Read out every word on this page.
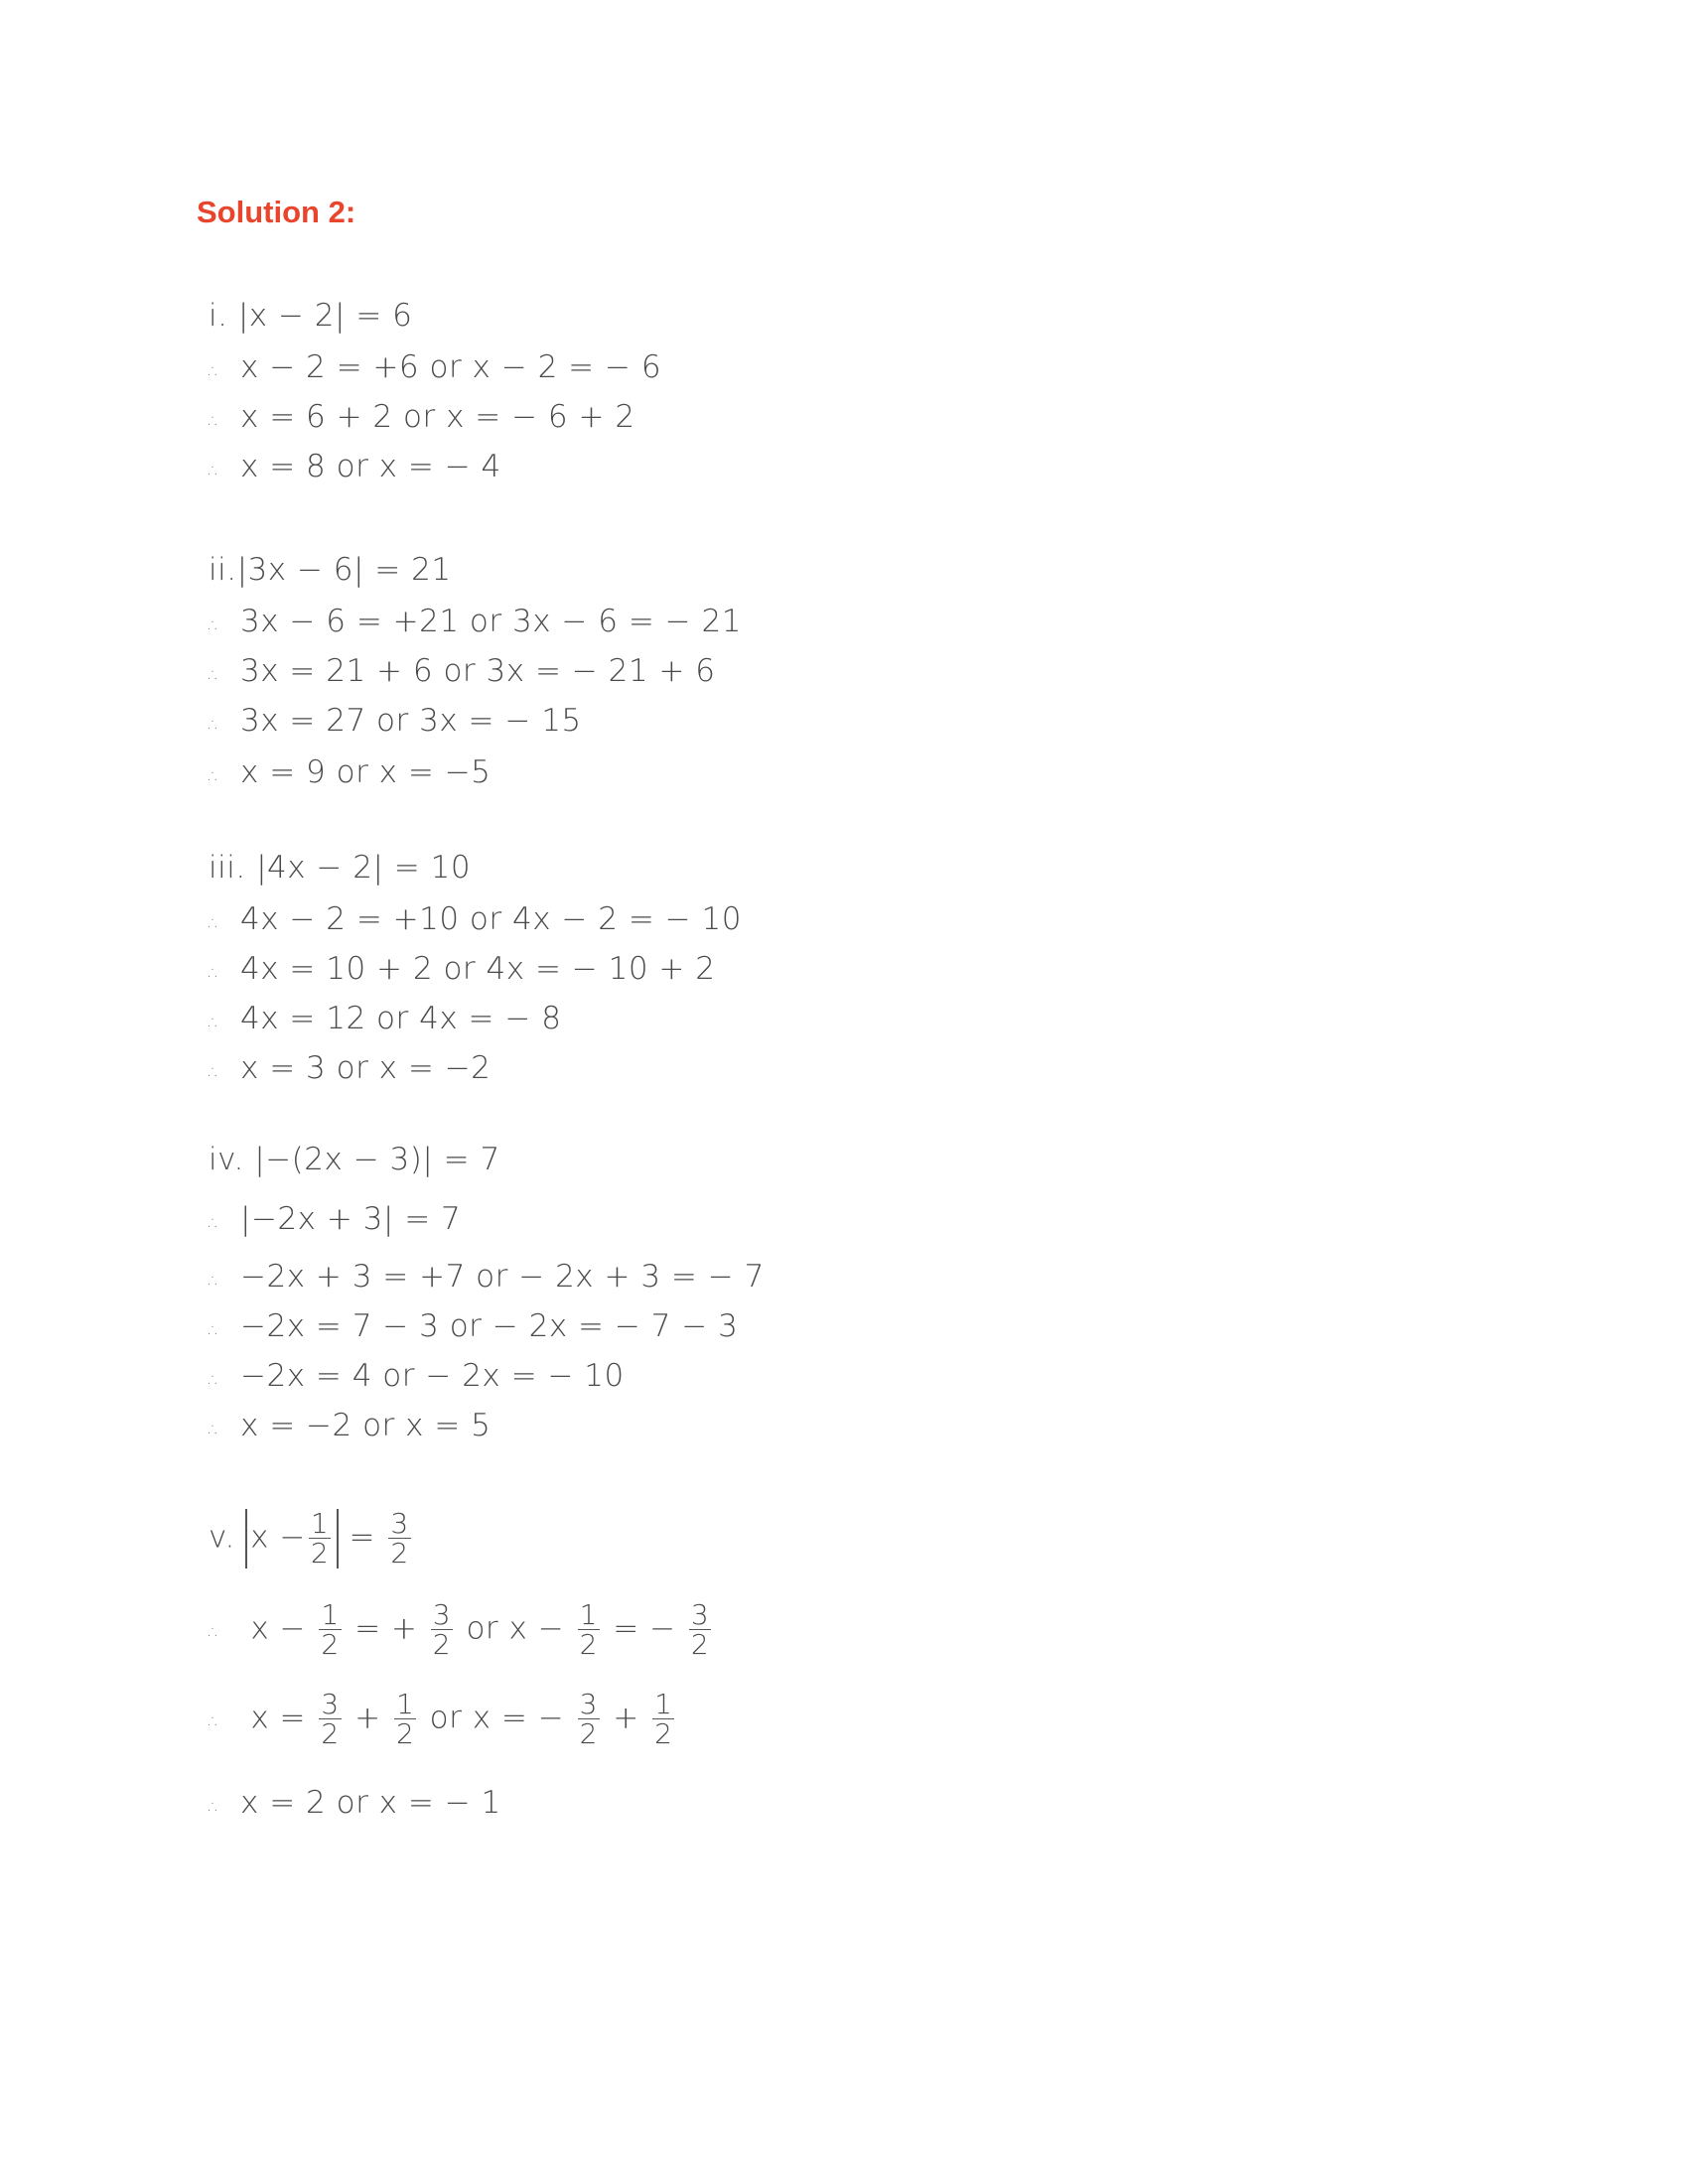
Solution 2:
i. |x − 2| = 6
∴ x − 2 = +6 or x − 2 = − 6
∴ x = 6 + 2 or x = − 6 + 2
∴ x = 8 or x = − 4
ii.|3x − 6| = 21
∴ 3x − 6 = +21 or 3x − 6 = − 21
∴ 3x = 21 + 6 or 3x = − 21 + 6
∴ 3x = 27 or 3x = − 15
∴ x = 9 or x = −5
iii. |4x − 2| = 10
∴ 4x − 2 = +10 or 4x − 2 = − 10
∴ 4x = 10 + 2 or 4x = − 10 + 2
∴ 4x = 12 or 4x = − 8
∴ x = 3 or x = −2
iv. |−(2x − 3)| = 7
∴ |−2x + 3| = 7
∴ −2x + 3 = +7 or − 2x + 3 = − 7
∴ −2x = 7 − 3 or − 2x = − 7 − 3
∴ −2x = 4 or − 2x = − 10
∴ x = −2 or x = 5
v. $x - \frac{1}{2} = \frac{3}{2}$
∴ $x - \frac{1}{2}$ = + $\frac{3}{2}$ or $x - \frac{1}{2}$ = − $\frac{3}{2}$
∴ $x = \frac{3}{2} + \frac{1}{2}$ or x = − $\frac{3}{2} + \frac{1}{2}$
∴ x = 2 or x = − 1
